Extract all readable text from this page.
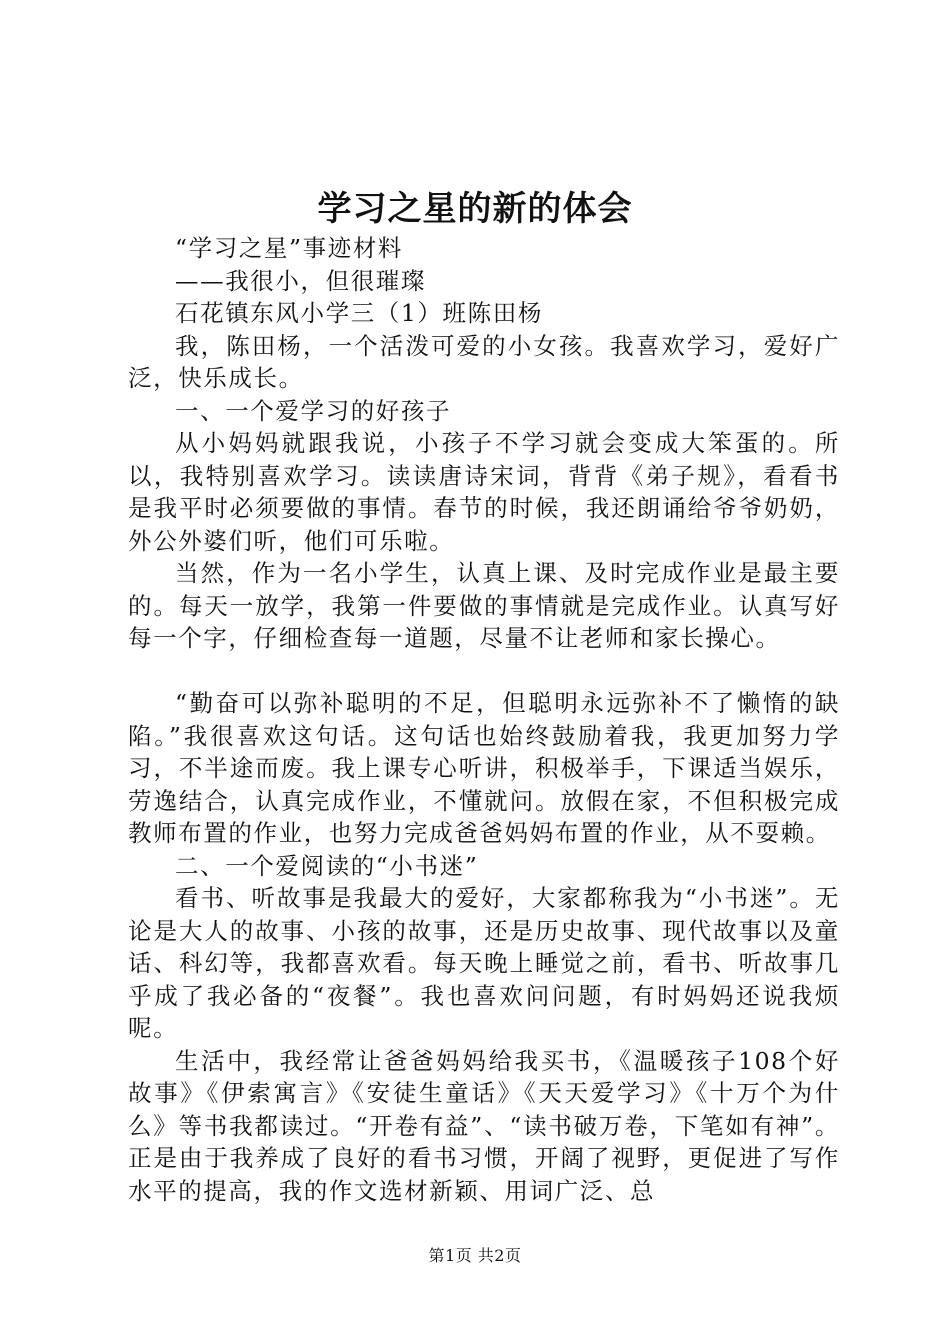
学习之星的新的体会

“学习之星”事迹材料

——我很小，但很璀璨

石花镇东风小学三（1）班陈田杨

我，陈田杨，一个活泼可爱的小女孩。我喜欢学习，爱好广泛，快乐成长。

一、一个爱学习的好孩子

从小妈妈就跟我说，小孩子不学习就会变成大笨蛋的。所以，我特别喜欢学习。读读唐诗宋词，背背《弟子规》，看看书是我平时必须要做的事情。春节的时候，我还朗诵给爷爷奶奶，外公外婆们听，他们可乐啦。

当然，作为一名小学生，认真上课、及时完成作业是最主要的。每天一放学，我第一件要做的事情就是完成作业。认真写好每一个字，仔细检查每一道题，尽量不让老师和家长操心。

“勤奋可以弥补聪明的不足，但聪明永远弥补不了懒惰的缺陷。”我很喜欢这句话。这句话也始终鼓励着我，我更加努力学习，不半途而废。我上课专心听讲，积极举手，下课适当娱乐，劳逸结合，认真完成作业，不懂就问。放假在家，不但积极完成教师布置的作业，也努力完成爸爸妈妈布置的作业，从不耍赖。

二、一个爱阅读的“小书迷”

看书、听故事是我最大的爱好，大家都称我为“小书迷”。无论是大人的故事、小孩的故事，还是历史故事、现代故事以及童话、科幻等，我都喜欢看。每天晚上睡觉之前，看书、听故事几乎成了我必备的“夜餐”。我也喜欢问问题，有时妈妈还说我烦呢。

生活中，我经常让爸爸妈妈给我买书，《温暖孩子108个好故事》《伊索寓言》《安徒生童话》《天天爱学习》《十万个为什么》等书我都读过。“开卷有益”、“读书破万卷，下笔如有神”。正是由于我养成了良好的看书习惯，开阔了视野，更促进了写作水平的提高，我的作文选材新颖、用词广泛、总

第1页 共2页
